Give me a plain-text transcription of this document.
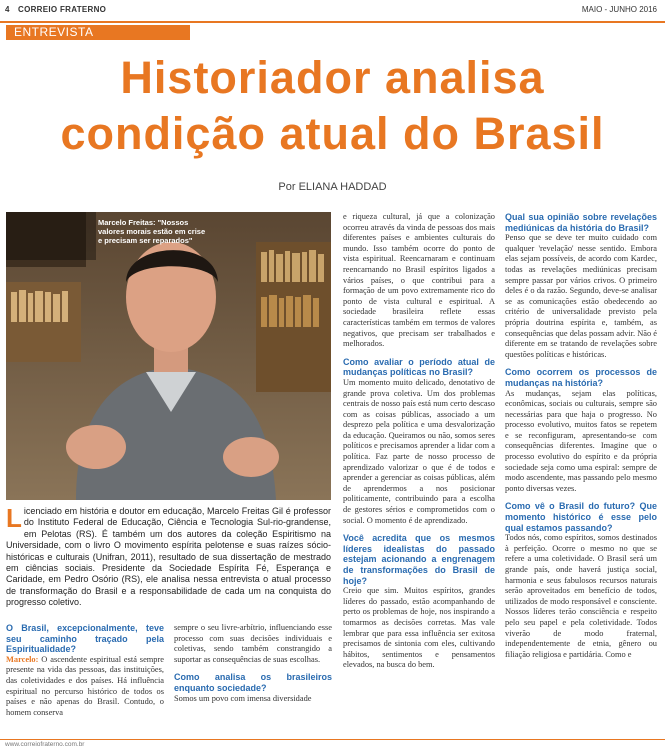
4 CORREIO FRATERNO	MAIO - JUNHO 2016
ENTREVISTA
Historiador analisa
condição atual do Brasil
Por ELIANA HADDAD
Marcelo Freitas: "Nossos valores morais estão em crise e precisam ser reparados"
L icenciado em história e doutor em educação, Marcelo Freitas Gil é professor do Instituto Federal de Educação, Ciência e Tecnologia Sul-rio-grandense, em Pelotas (RS). É também um dos autores da coleção Espiritismo na Universidade, com o livro O movimento espírita pelotense e suas raízes sócio-históricas e culturais (Unifran, 2011), resultado de sua dissertação de mestrado em ciências sociais. Presidente da Sociedade Espírita Fé, Esperança e Caridade, em Pedro Osório (RS), ele analisa nessa entrevista o atual processo de transformação do Brasil e a responsabilidade de cada um na conquista do progresso coletivo.

O Brasil, excepcionalmente, teve seu caminho traçado pela Espiritualidade?

Marcelo: O ascendente espiritual está sempre presente na vida das pessoas, das instituições, das coletividades e dos países. Há influência espiritual no percurso histórico de todos os países e não apenas do Brasil. Contudo, o homem conserva

sempre o seu livre-arbítrio, influenciando esse processo com suas decisões individuais e coletivas, sendo também constrangido a suportar as consequências de suas escolhas.

Como analisa os brasileiros enquanto sociedade?

Somos um povo com imensa diversidade

e riqueza cultural, já que a colonização ocorreu através da vinda de pessoas dos mais diferentes países e ambientes culturais do mundo. Isso também ocorre do ponto de vista espiritual. Reencarnaram e continuam reencarnando no Brasil espíritos ligados a vários países, o que contribui para a formação de um povo extremamente rico do ponto de vista cultural e espiritual. A sociedade brasileira reflete essas características também em termos de valores negativos, que precisam ser trabalhados e melhorados.

Como avaliar o período atual de mudanças políticas no Brasil?

Um momento muito delicado, denotativo de grande prova coletiva. Um dos problemas centrais de nosso país está num certo descaso com as coisas públicas, associado a um desprezo pela política e uma desvalorização da educação. Queiramos ou não, somos seres políticos e precisamos aprender a lidar com a política. Faz parte de nosso processo de aprendizado valorizar o que é de todos e aprender a gerenciar as coisas públicas, além de aprendermos a nos posicionar politicamente, contribuindo para a escolha de gestores sérios e comprometidos com o social. O momento é de aprendizado.

Você acredita que os mesmos líderes idealistas do passado estejam acionando a engrenagem de transformações do Brasil de hoje?

Creio que sim. Muitos espíritos, grandes líderes do passado, estão acompanhando de perto os problemas de hoje, nos inspirando a tomarmos as decisões corretas. Mas vale lembrar que para essa influência ser exitosa precisamos de sintonia com eles, cultivando hábitos, sentimentos e pensamentos elevados, na busca do bem.

Qual sua opinião sobre revelações mediúnicas da história do Brasil?

Penso que se deve ter muito cuidado com qualquer 'revelação' nesse sentido. Embora elas sejam possíveis, de acordo com Kardec, todas as revelações mediúnicas precisam sempre passar por vários crivos. O primeiro deles é o da razão. Segundo, deve-se analisar se as comunicações estão obedecendo ao critério de universalidade previsto pela própria doutrina espírita e, também, as consequências que delas possam advir. Não é diferente em se tratando de revelações sobre questões políticas e históricas.

Como ocorrem os processos de mudanças na história?

As mudanças, sejam elas políticas, econômicas, sociais ou culturais, sempre são necessárias para que haja o progresso. No processo evolutivo, muitos fatos se repetem e se reconfiguram, apresentando-se com consequências diferentes. Imagine que o processo evolutivo do espírito e da própria sociedade seja como uma espiral: sempre de modo ascendente, mas passando pelo mesmo ponto diversas vezes.

Como vê o Brasil do futuro? Que momento histórico é esse pelo qual estamos passando?

Todos nós, como espíritos, somos destinados à perfeição. Ocorre o mesmo no que se refere a uma coletividade. O Brasil será um grande país, onde haverá justiça social, harmonia e seus fabulosos recursos naturais serão aproveitados em benefício de todos, utilizados de modo responsável e consciente. Nossos líderes terão consciência e respeito pelo seu papel e pela coletividade. Todos viverão de modo fraternal, independentemente de etnia, gênero ou filiação religiosa e partidária. Como e

www.correiofraterno.com.br
